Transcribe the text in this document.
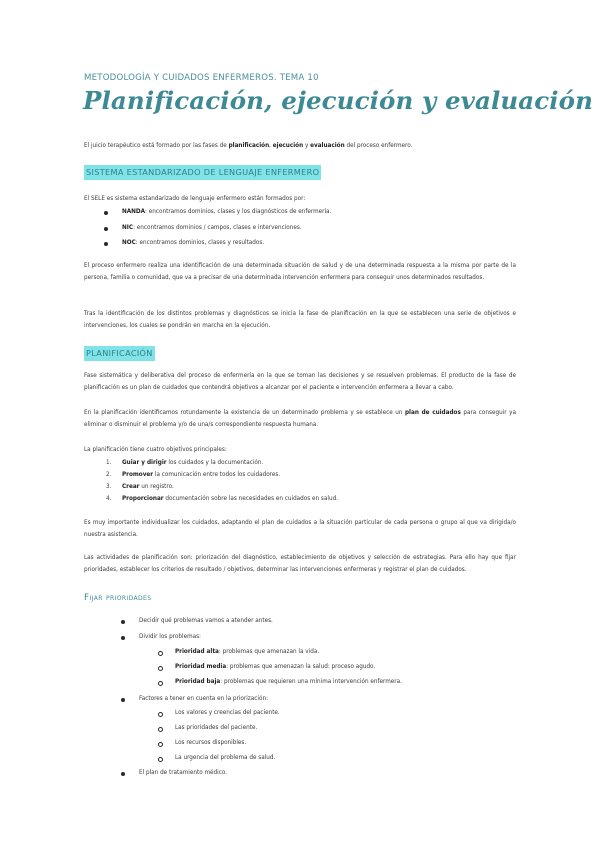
METODOLOGÍA Y CUIDADOS ENFERMEROS. TEMA 10
Planificación, ejecución y evaluación
El juicio terapéutico está formado por las fases de planificación, ejecución y evaluación del proceso enfermero.
SISTEMA ESTANDARIZADO DE LENGUAJE ENFERMERO
El SELE es sistema estandarizado de lenguaje enfermero están formados por:
NANDA: encontramos dominios, clases y los diagnósticos de enfermería.
NIC: encontramos dominios / campos, clases e intervenciones.
NOC: encontramos dominios, clases y resultados.
El proceso enfermero realiza una identificación de una determinada situación de salud y de una determinada respuesta a la misma por parte de la persona, familia o comunidad, que va a precisar de una determinada intervención enfermera para conseguir unos determinados resultados.
Tras la identificación de los distintos problemas y diagnósticos se inicia la fase de planificación en la que se establecen una serie de objetivos e intervenciones, los cuales se pondrán en marcha en la ejecución.
PLANIFICACIÓN
Fase sistemática y deliberativa del proceso de enfermería en la que se toman las decisiones y se resuelven problemas. El producto de la fase de planificación es un plan de cuidados que contendrá objetivos a alcanzar por el paciente e intervención enfermera a llevar a cabo.
En la planificación identificamos rotundamente la existencia de un determinado problema y se establece un plan de cuidados para conseguir ya eliminar o disminuir el problema y/o de una/s correspondiente respuesta humana.
La planificación tiene cuatro objetivos principales:
1. Guiar y dirigir los cuidados y la documentación.
2. Promover la comunicación entre todos los cuidadores.
3. Crear un registro.
4. Proporcionar documentación sobre las necesidades en cuidados en salud.
Es muy importante individualizar los cuidados, adaptando el plan de cuidados a la situación particular de cada persona o grupo al que va dirigida/o nuestra asistencia.
Las actividades de planificación son: priorización del diagnóstico, establecimiento de objetivos y selección de estrategias. Para ello hay que fijar prioridades, establecer los criterios de resultado / objetivos, determinar las intervenciones enfermeras y registrar el plan de cuidados.
Fijar prioridades
Decidir qué problemas vamos a atender antes.
Dividir los problemas:
Prioridad alta: problemas que amenazan la vida.
Prioridad media: problemas que amenazan la salud: proceso agudo.
Prioridad baja: problemas que requieren una mínima intervención enfermera.
Factores a tener en cuenta en la priorización:
Los valores y creencias del paciente.
Las prioridades del paciente.
Los recursos disponibles.
La urgencia del problema de salud.
El plan de tratamiento médico.
